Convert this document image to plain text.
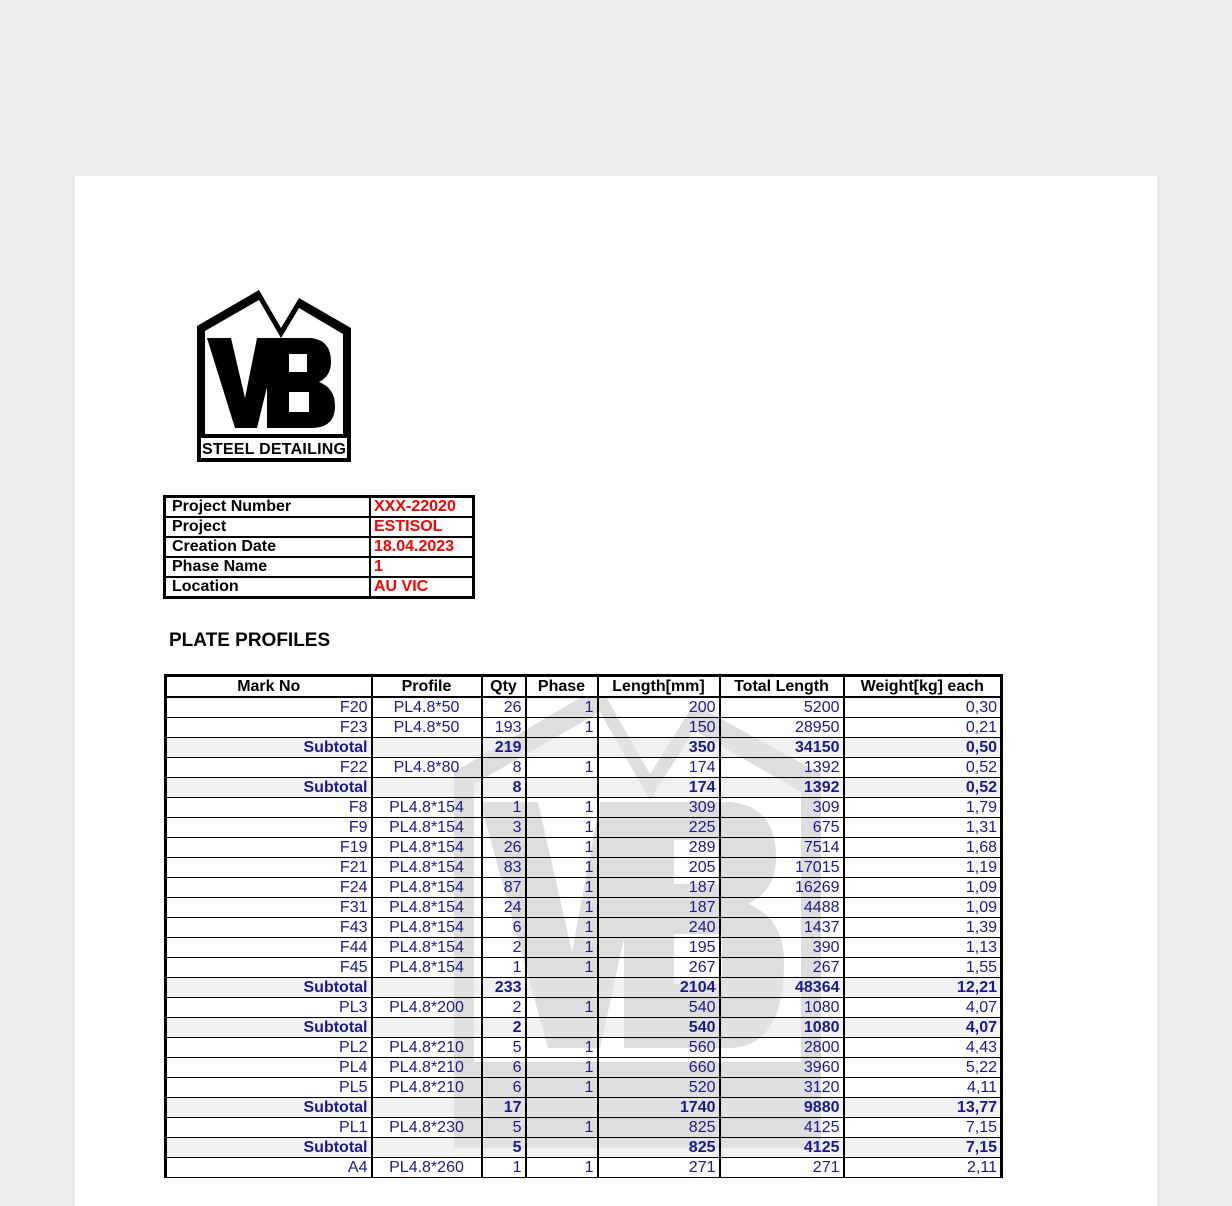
STEEL DETAILING
Project Number	XXX-22020
Project	ESTISOL
Creation Date	18.04.2023
Phase Name	1
Location	AU VIC
PLATE PROFILES
Mark No	Profile	Qty	Phase	Length[mm]	Total Length	Weight[kg] each
F20	PL4.8*50	26	1	200	5200	0,30
F23	PL4.8*50	193	1	150	28950	0,21
Subtotal		219		350	34150	0,50
F22	PL4.8*80	8	1	174	1392	0,52
Subtotal		8		174	1392	0,52
F8	PL4.8*154	1	1	309	309	1,79
F9	PL4.8*154	3	1	225	675	1,31
F19	PL4.8*154	26	1	289	7514	1,68
F21	PL4.8*154	83	1	205	17015	1,19
F24	PL4.8*154	87	1	187	16269	1,09
F31	PL4.8*154	24	1	187	4488	1,09
F43	PL4.8*154	6	1	240	1437	1,39
F44	PL4.8*154	2	1	195	390	1,13
F45	PL4.8*154	1	1	267	267	1,55
Subtotal		233		2104	48364	12,21
PL3	PL4.8*200	2	1	540	1080	4,07
Subtotal		2		540	1080	4,07
PL2	PL4.8*210	5	1	560	2800	4,43
PL4	PL4.8*210	6	1	660	3960	5,22
PL5	PL4.8*210	6	1	520	3120	4,11
Subtotal		17		1740	9880	13,77
PL1	PL4.8*230	5	1	825	4125	7,15
Subtotal		5		825	4125	7,15
A4	PL4.8*260	1	1	271	271	2,11
